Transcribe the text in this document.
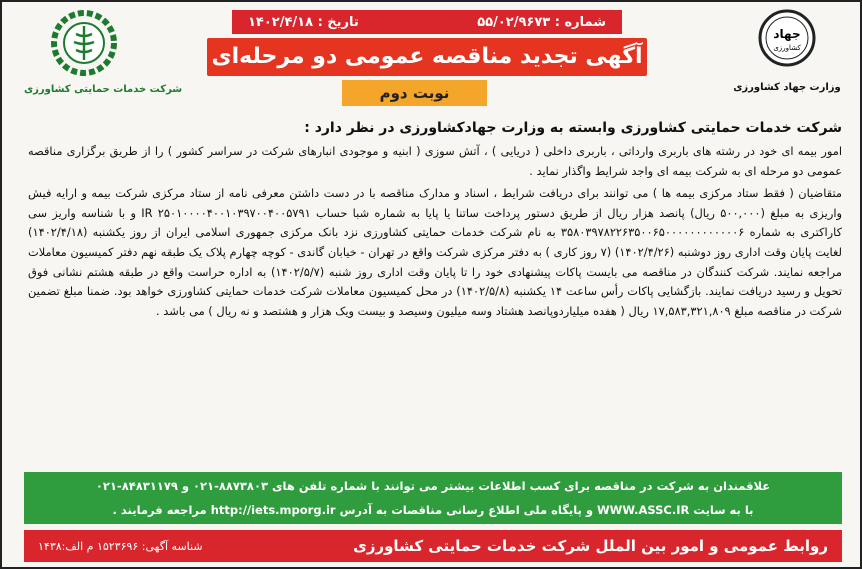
شرکت خدمات حمایتی کشاورزی
شماره : ۵۵/۰۲/۹۶۷۳
تاریخ : ۱۴۰۲/۴/۱۸
آگهی تجدید مناقصه عمومی دو مرحله‌ای
نوبت دوم
جهاد
کشاورزی
وزارت جهاد کشاورزی
شرکت خدمات حمایتی کشاورزی وابسته به وزارت جهادکشاورزی در نظر دارد :

امور بیمه ای خود در رشته های باربری وارداتی ، باربری داخلی ( دریایی ) ، آتش سوزی ( ابنیه و موجودی انبارهای شرکت در سراسر کشور ) را از طریق برگزاری مناقصه عمومی دو مرحله ای به شرکت بیمه ای واجد شرایط واگذار نماید .

متقاضیان ( فقط ستاد مرکزی بیمه ها ) می توانند برای دریافت شرایط ، اسناد و مدارک مناقصه با در دست داشتن معرفی نامه از ستاد مرکزی شرکت بیمه و ارایه فیش واریزی به مبلغ (۵۰۰,۰۰۰ ریال) پانصد هزار ریال از طریق دستور پرداخت ساتنا یا پایا به شماره شبا حساب IR ۲۵۰۱۰۰۰۰۴۰۰۱۰۳۹۷۰۰۴۰۰۵۷۹۱ و با شناسه واریز سی کاراکتری به شماره ۳۵۸۰۳۹۷۸۲۲۶۳۵۰۰۶۵۰۰۰۰۰۰۰۰۰۰۰۰۶ به نام شرکت خدمات حمایتی کشاورزی نزد بانک مرکزی جمهوری اسلامی ایران از روز یکشنبه (۱۴۰۲/۴/۱۸) لغایت پایان وقت اداری روز دوشنبه (۱۴۰۲/۴/۲۶) (۷ روز کاری ) به دفتر مرکزی شرکت واقع در تهران - خیابان گاندی - کوچه چهارم پلاک یک طبقه نهم دفتر کمیسیون معاملات مراجعه نمایند. شرکت کنندگان در مناقصه می بایست پاکات پیشنهادی خود را تا پایان وقت اداری روز شنبه (۱۴۰۲/۵/۷) به اداره حراست واقع در طبقه هشتم نشانی فوق تحویل و رسید دریافت نمایند. بازگشایی پاکات رأس ساعت ۱۴ یکشنبه (۱۴۰۲/۵/۸) در محل کمیسیون معاملات شرکت خدمات حمایتی کشاورزی خواهد بود. ضمنا مبلغ تضمین شرکت در مناقصه مبلغ ۱۷,۵۸۳,۳۲۱,۸۰۹ ریال ( هفده میلیاردوپانصد هشتاد وسه میلیون وسیصد و بیست ویک هزار و هشتصد و نه ریال ) می باشد .

علاقمندان به شرکت در مناقصه برای کسب اطلاعات بیشتر می توانند با شماره تلفن های ۸۸۷۳۸۰۳-۰۲۱ و ۸۴۸۳۱۱۷۹-۰۲۱
با به سایت WWW.ASSC.IR و پایگاه ملی اطلاع رسانی مناقصات به آدرس http://iets.mporg.ir مراجعه فرمایند .
روابط عمومی و امور بین الملل شرکت خدمات حمایتی کشاورزی
شناسه آگهی: ۱۵۲۳۶۹۶ م الف:۱۴۳۸
